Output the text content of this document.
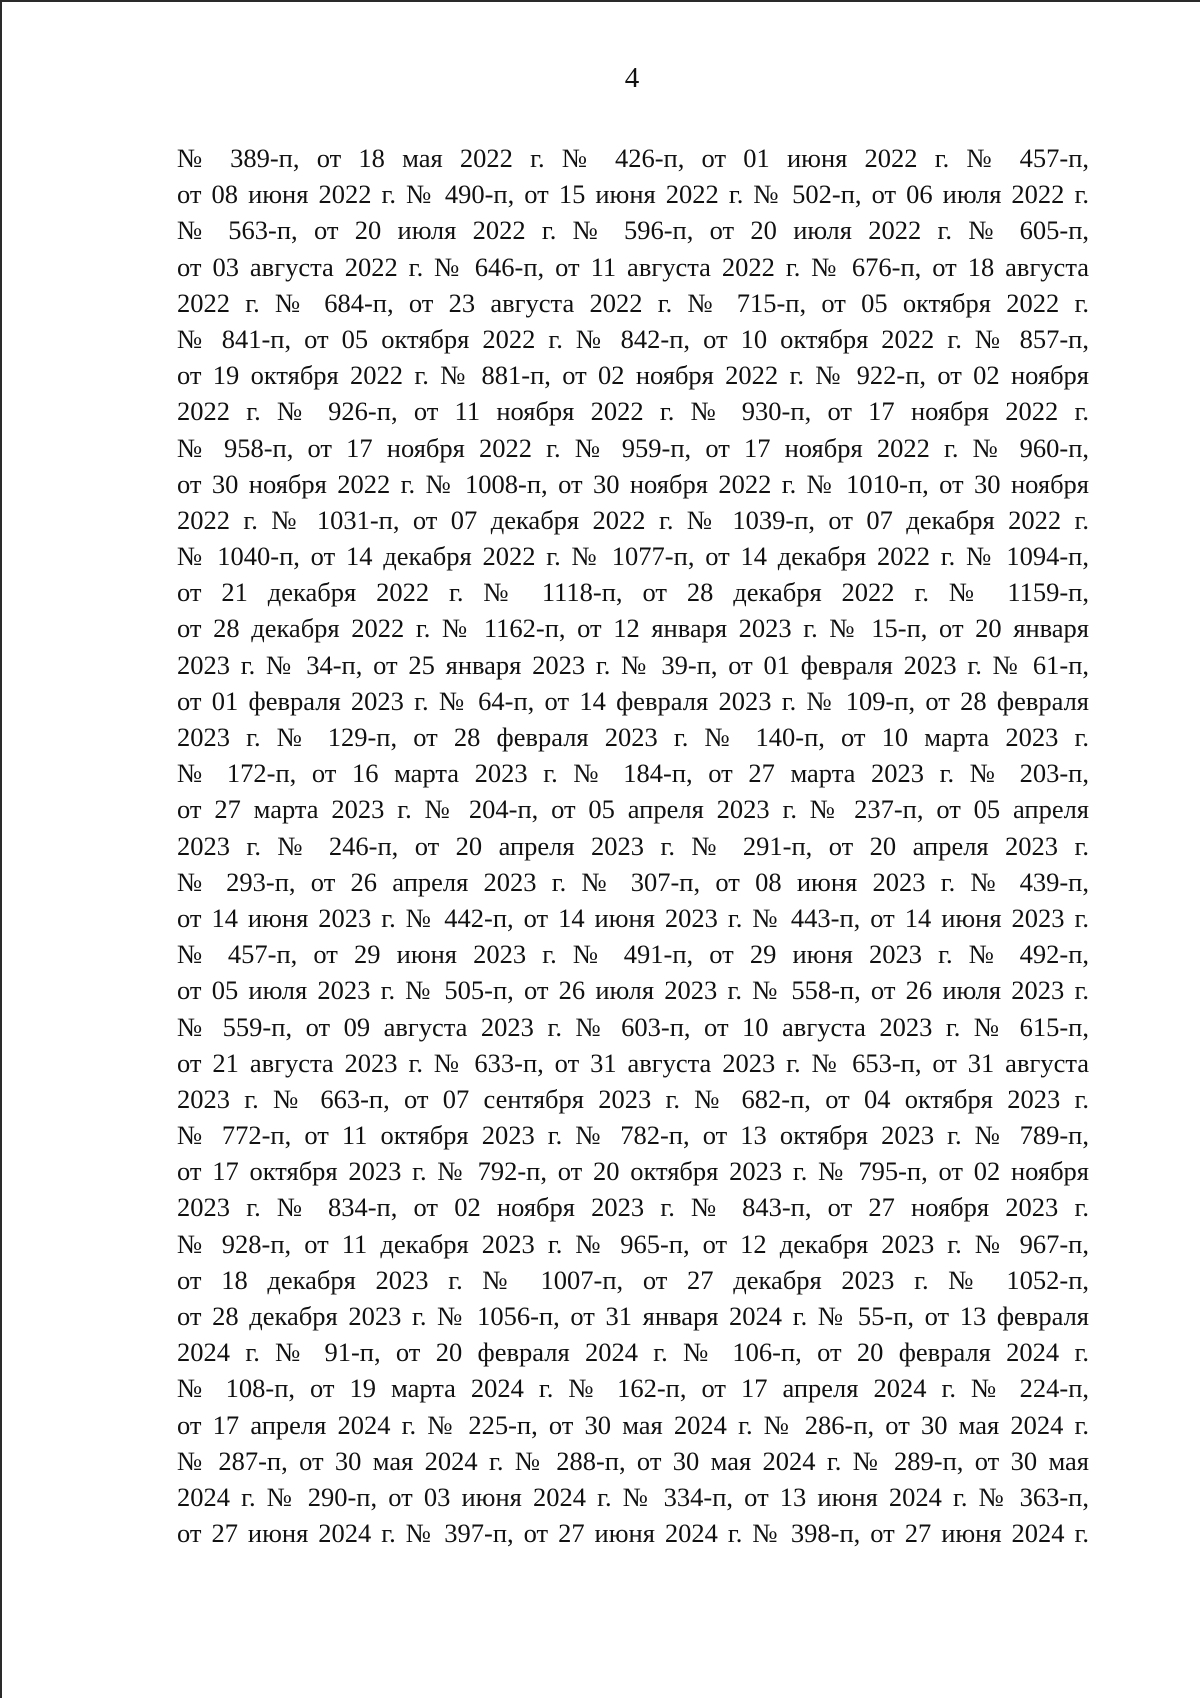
4
№ 389-п, от 18 мая 2022 г. № 426-п, от 01 июня 2022 г. № 457-п,
от 08 июня 2022 г. № 490-п, от 15 июня 2022 г. № 502-п, от 06 июля 2022 г.
№ 563-п, от 20 июля 2022 г. № 596-п, от 20 июля 2022 г. № 605-п,
от 03 августа 2022 г. № 646-п, от 11 августа 2022 г. № 676-п, от 18 августа
2022 г. № 684-п, от 23 августа 2022 г. № 715-п, от 05 октября 2022 г.
№ 841-п, от 05 октября 2022 г. № 842-п, от 10 октября 2022 г. № 857-п,
от 19 октября 2022 г. № 881-п, от 02 ноября 2022 г. № 922-п, от 02 ноября
2022 г. № 926-п, от 11 ноября 2022 г. № 930-п, от 17 ноября 2022 г.
№ 958-п, от 17 ноября 2022 г. № 959-п, от 17 ноября 2022 г. № 960-п,
от 30 ноября 2022 г. № 1008-п, от 30 ноября 2022 г. № 1010-п, от 30 ноября
2022 г. № 1031-п, от 07 декабря 2022 г. № 1039-п, от 07 декабря 2022 г.
№ 1040-п, от 14 декабря 2022 г. № 1077-п, от 14 декабря 2022 г. № 1094-п,
от 21 декабря 2022 г. № 1118-п, от 28 декабря 2022 г. № 1159-п,
от 28 декабря 2022 г. № 1162-п, от 12 января 2023 г. № 15-п, от 20 января
2023 г. № 34-п, от 25 января 2023 г. № 39-п, от 01 февраля 2023 г. № 61-п,
от 01 февраля 2023 г. № 64-п, от 14 февраля 2023 г. № 109-п, от 28 февраля
2023 г. № 129-п, от 28 февраля 2023 г. № 140-п, от 10 марта 2023 г.
№ 172-п, от 16 марта 2023 г. № 184-п, от 27 марта 2023 г. № 203-п,
от 27 марта 2023 г. № 204-п, от 05 апреля 2023 г. № 237-п, от 05 апреля
2023 г. № 246-п, от 20 апреля 2023 г. № 291-п, от 20 апреля 2023 г.
№ 293-п, от 26 апреля 2023 г. № 307-п, от 08 июня 2023 г. № 439-п,
от 14 июня 2023 г. № 442-п, от 14 июня 2023 г. № 443-п, от 14 июня 2023 г.
№ 457-п, от 29 июня 2023 г. № 491-п, от 29 июня 2023 г. № 492-п,
от 05 июля 2023 г. № 505-п, от 26 июля 2023 г. № 558-п, от 26 июля 2023 г.
№ 559-п, от 09 августа 2023 г. № 603-п, от 10 августа 2023 г. № 615-п,
от 21 августа 2023 г. № 633-п, от 31 августа 2023 г. № 653-п, от 31 августа
2023 г. № 663-п, от 07 сентября 2023 г. № 682-п, от 04 октября 2023 г.
№ 772-п, от 11 октября 2023 г. № 782-п, от 13 октября 2023 г. № 789-п,
от 17 октября 2023 г. № 792-п, от 20 октября 2023 г. № 795-п, от 02 ноября
2023 г. № 834-п, от 02 ноября 2023 г. № 843-п, от 27 ноября 2023 г.
№ 928-п, от 11 декабря 2023 г. № 965-п, от 12 декабря 2023 г. № 967-п,
от 18 декабря 2023 г. № 1007-п, от 27 декабря 2023 г. № 1052-п,
от 28 декабря 2023 г. № 1056-п, от 31 января 2024 г. № 55-п, от 13 февраля
2024 г. № 91-п, от 20 февраля 2024 г. № 106-п, от 20 февраля 2024 г.
№ 108-п, от 19 марта 2024 г. № 162-п, от 17 апреля 2024 г. № 224-п,
от 17 апреля 2024 г. № 225-п, от 30 мая 2024 г. № 286-п, от 30 мая 2024 г.
№ 287-п, от 30 мая 2024 г. № 288-п, от 30 мая 2024 г. № 289-п, от 30 мая
2024 г. № 290-п, от 03 июня 2024 г. № 334-п, от 13 июня 2024 г. № 363-п,
от 27 июня 2024 г. № 397-п, от 27 июня 2024 г. № 398-п, от 27 июня 2024 г.
